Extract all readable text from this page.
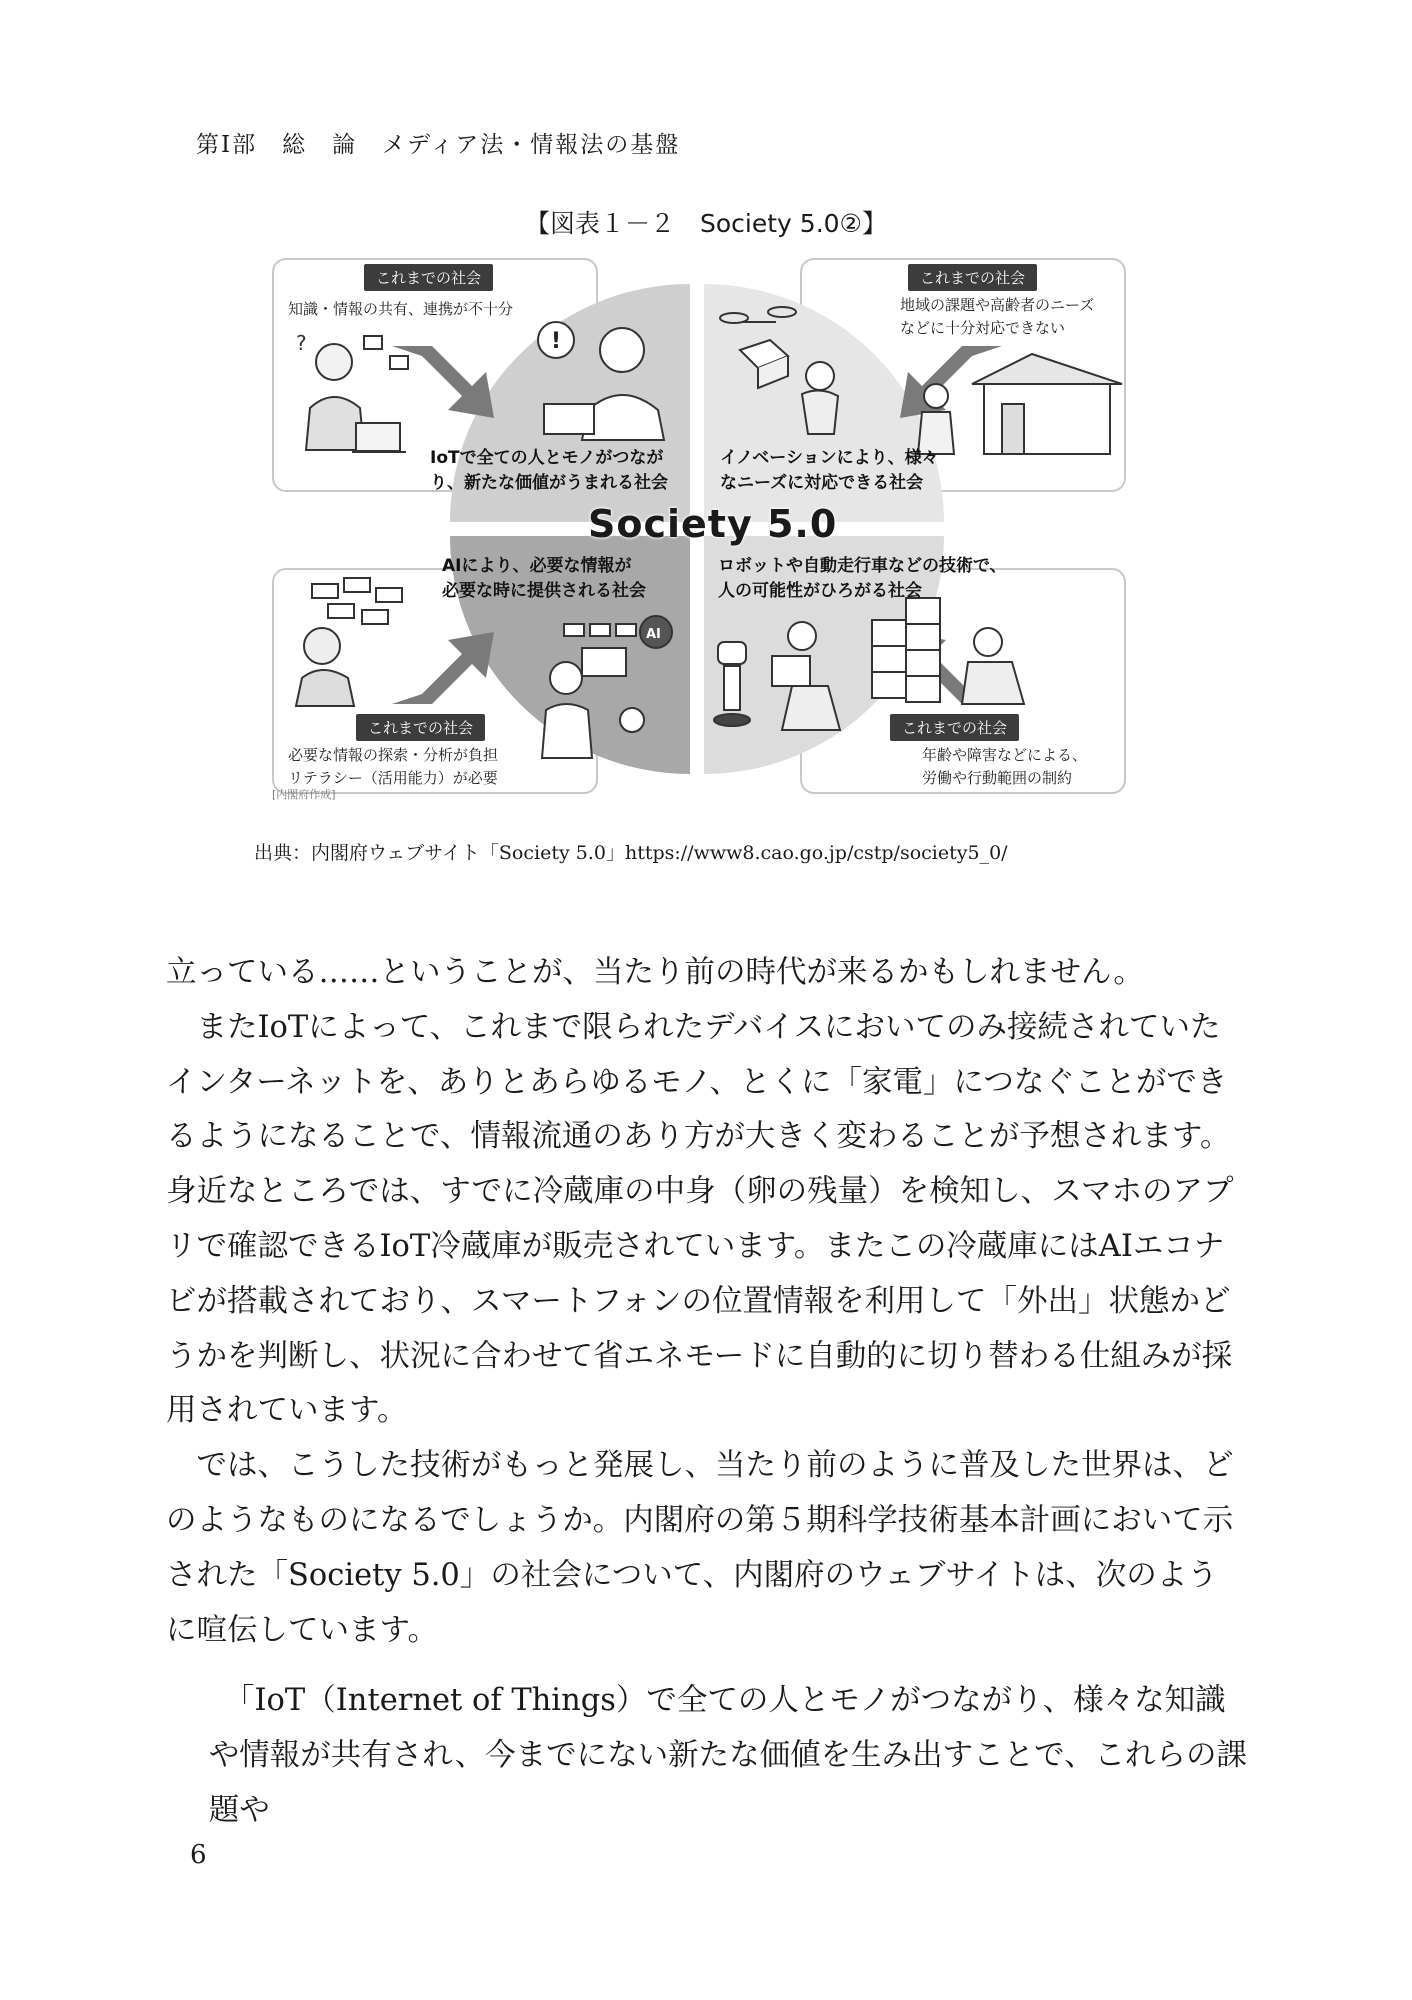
第Ⅰ部　総　論　メディア法・情報法の基盤
【図表１－２　Society 5.0②】
?	!
AI
これまでの社会	これまでの社会
これまでの社会	これまでの社会
知識・情報の共有、連携が不十分	地域の課題や高齢者のニーズ
などに十分対応できない
必要な情報の探索・分析が負担
リテラシー（活用能力）が必要
年齢や障害などによる、
労働や行動範囲の制約
IoTで全ての人とモノがつなが
り、新たな価値がうまれる社会
イノベーションにより、様々
なニーズに対応できる社会
AIにより、必要な情報が
必要な時に提供される社会
ロボットや自動走行車などの技術で、
人の可能性がひろがる社会
Society 5.0
[内閣府作成]
出典：内閣府ウェブサイト「Society 5.0」https://www8.cao.go.jp/cstp/society5_0/

立っている……ということが、当たり前の時代が来るかもしれません。

またIoTによって、これまで限られたデバイスにおいてのみ接続されていたインターネットを、ありとあらゆるモノ、とくに「家電」につなぐことができるようになることで、情報流通のあり方が大きく変わることが予想されます。身近なところでは、すでに冷蔵庫の中身（卵の残量）を検知し、スマホのアプリで確認できるIoT冷蔵庫が販売されています。またこの冷蔵庫にはAIエコナビが搭載されており、スマートフォンの位置情報を利用して「外出」状態かどうかを判断し、状況に合わせて省エネモードに自動的に切り替わる仕組みが採用されています。

では、こうした技術がもっと発展し、当たり前のように普及した世界は、どのようなものになるでしょうか。内閣府の第５期科学技術基本計画において示された「Society 5.0」の社会について、内閣府のウェブサイトは、次のように喧伝しています。

「IoT（Internet of Things）で全ての人とモノがつながり、様々な知識や情報が共有され、今までにない新たな価値を生み出すことで、これらの課題や

6
